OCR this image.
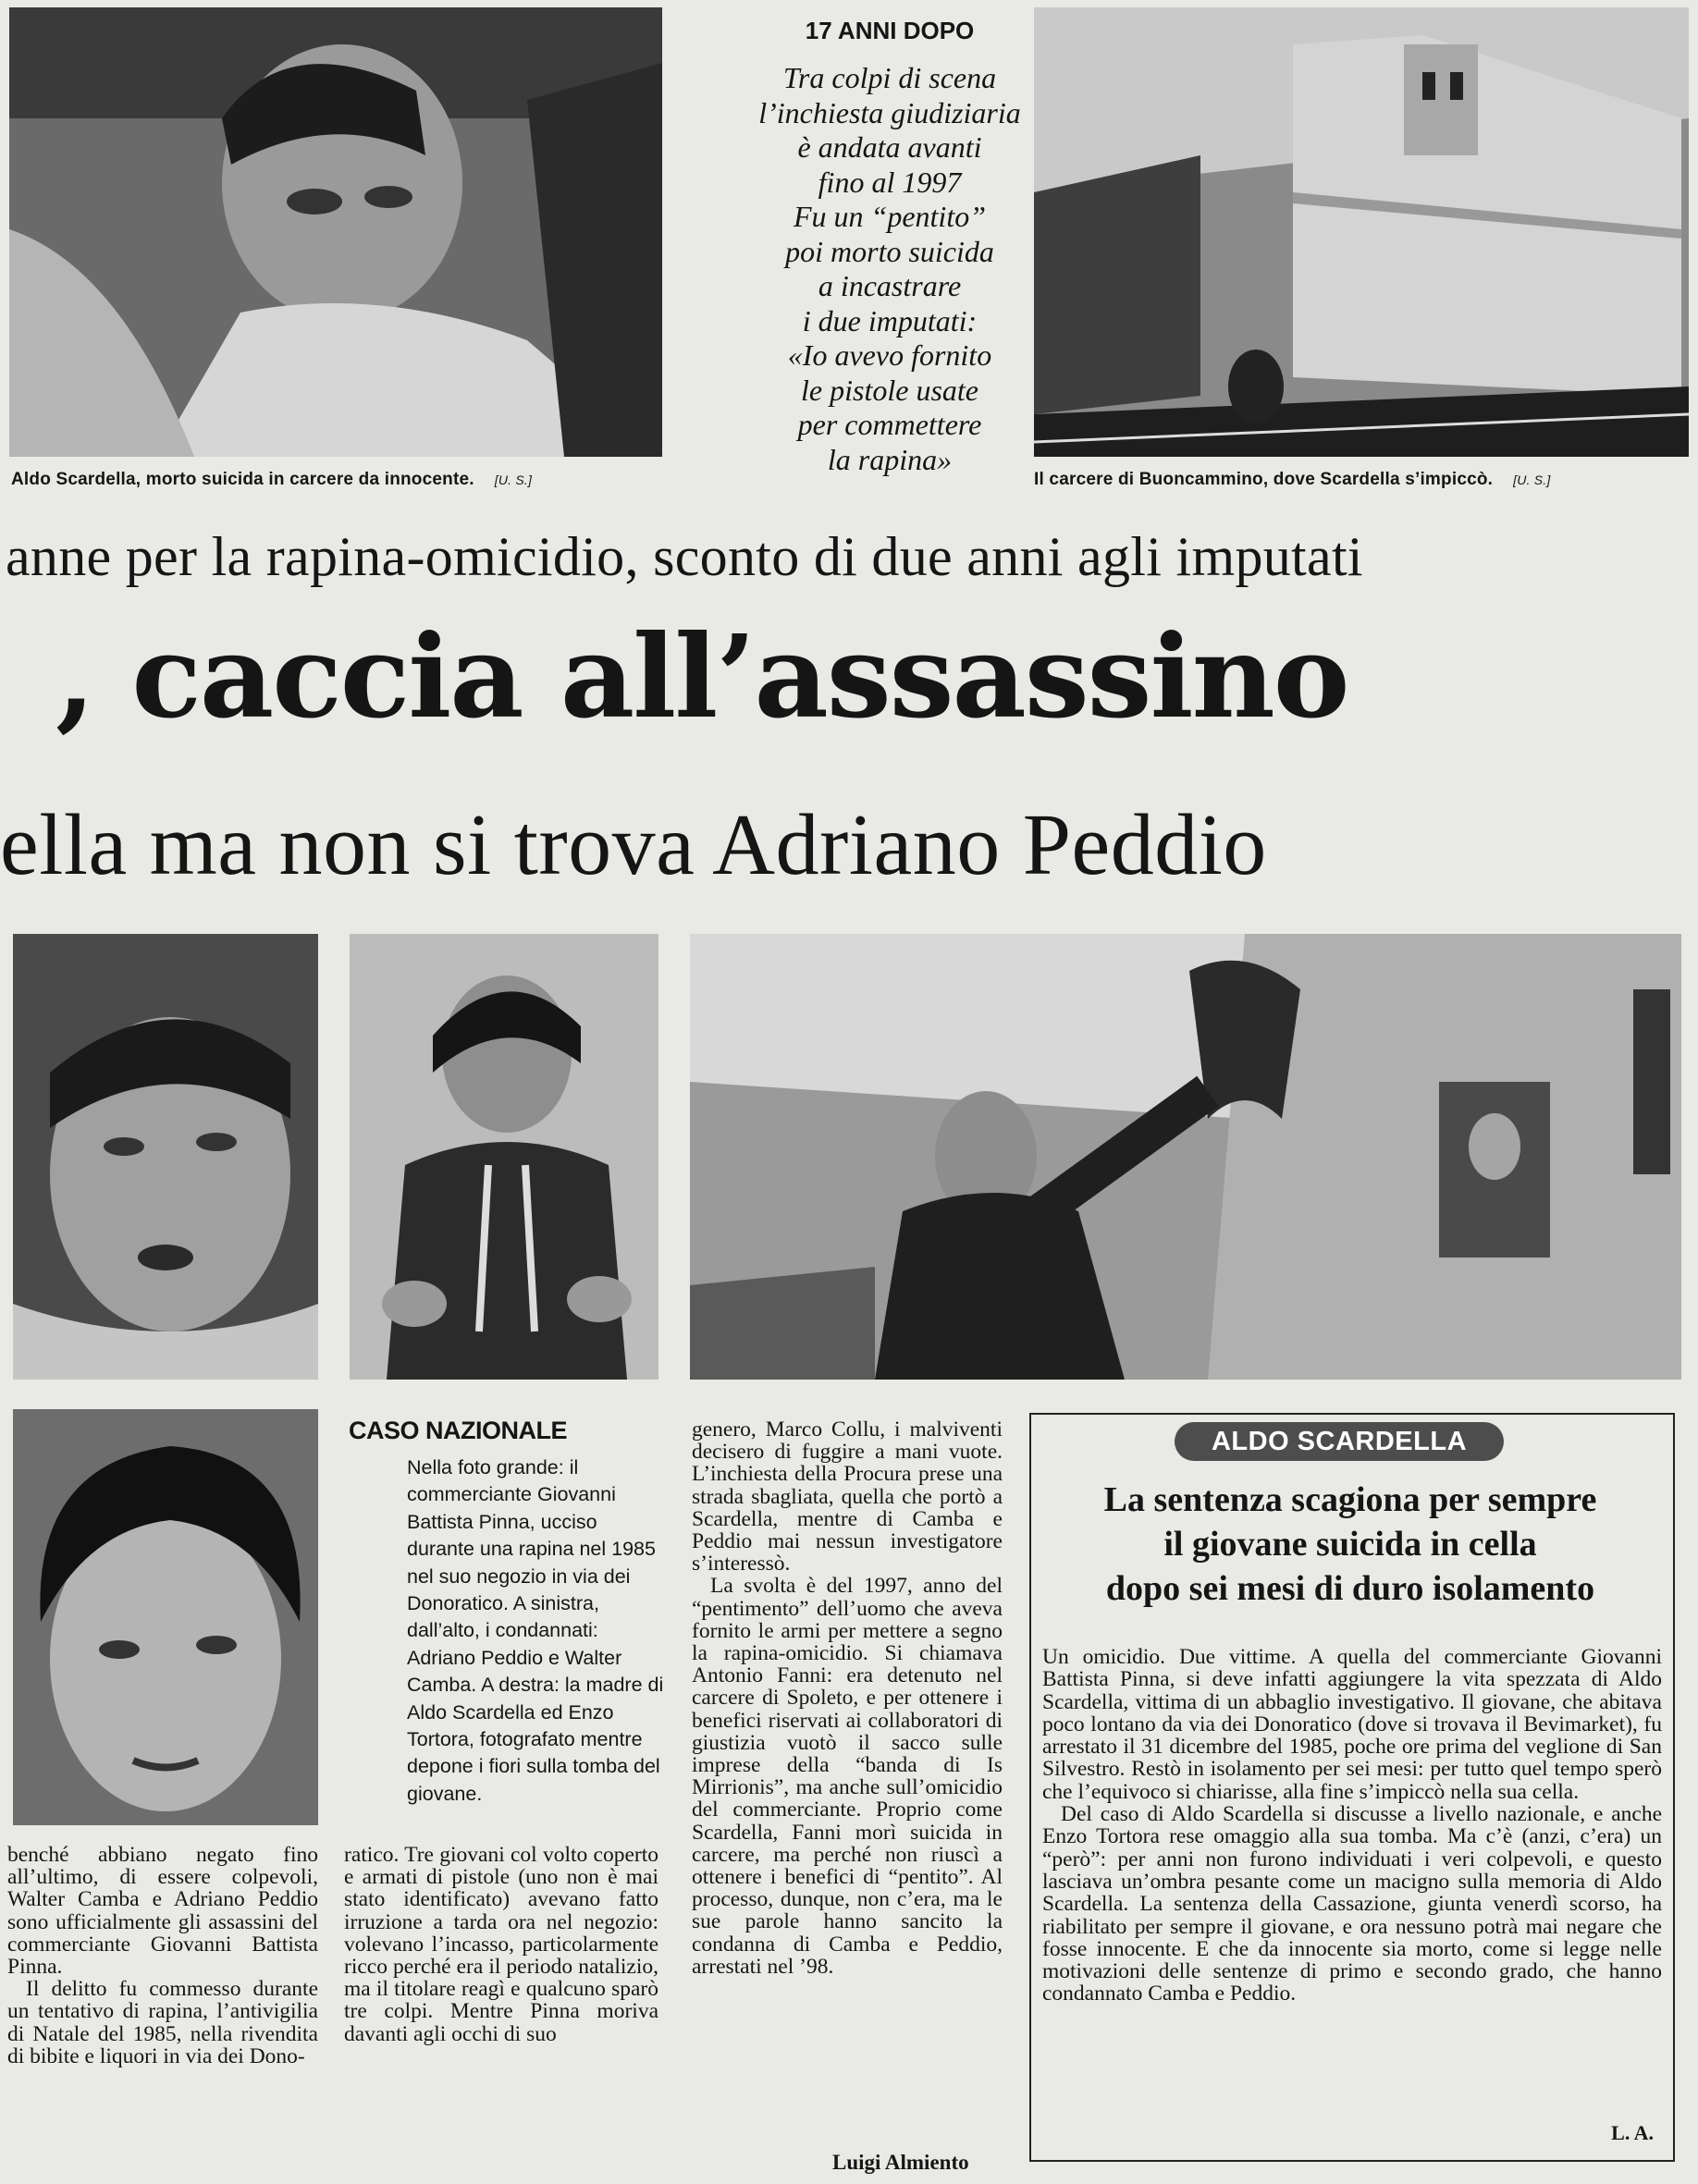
Aldo Scardella, morto suicida in carcere da innocente. [U. S.]
17 ANNI DOPO
Tra colpi di scena
l’inchiesta giudiziaria
è andata avanti
fino al 1997
Fu un “pentito”
poi morto suicida
a incastrare
i due imputati:
«Io avevo fornito
le pistole usate
per commettere
la rapina»
Il carcere di Buoncammino, dove Scardella s’impiccò. [U. S.]
anne per la rapina-omicidio, sconto di due anni agli imputati
, caccia all’assassino
ella ma non si trova Adriano Peddio
CASO NAZIONALE
Nella foto grande: il commerciante Giovanni Battista Pinna, ucciso durante una rapina nel 1985 nel suo negozio in via dei Donoratico. A sinistra, dall’alto, i condannati: Adriano Peddio e Walter Camba. A destra: la madre di Aldo Scardella ed Enzo Tortora, fotografato mentre depone i fiori sulla tomba del giovane.

benché abbiano negato fino all’ultimo, di essere colpevoli, Walter Camba e Adriano Peddio sono ufficialmente gli assassini del commerciante Giovanni Battista Pinna.

Il delitto fu commesso durante un tentativo di rapina, l’antivigilia di Natale del 1985, nella rivendita di bibite e liquori in via dei Dono-

ratico. Tre giovani col volto coperto e armati di pistole (uno non è mai stato identificato) avevano fatto irruzione a tarda ora nel negozio: volevano l’incasso, particolarmente ricco perché era il periodo natalizio, ma il titolare reagì e qualcuno sparò tre colpi. Mentre Pinna moriva davanti agli occhi di suo

genero, Marco Collu, i malviventi decisero di fuggire a mani vuote. L’inchiesta della Procura prese una strada sbagliata, quella che portò a Scardella, mentre di Camba e Peddio mai nessun investigatore s’interessò.

La svolta è del 1997, anno del “pentimento” dell’uomo che aveva fornito le armi per mettere a segno la rapina-omicidio. Si chiamava Antonio Fanni: era detenuto nel carcere di Spoleto, e per ottenere i benefici riservati ai collaboratori di giustizia vuotò il sacco sulle imprese della “banda di Is Mirrionis”, ma anche sull’omicidio del commerciante. Proprio come Scardella, Fanni morì suicida in carcere, ma perché non riuscì a ottenere i benefici di “pentito”. Al processo, dunque, non c’era, ma le sue parole hanno sancito la condanna di Camba e Peddio, arrestati nel ’98.

Luigi Almiento
ALDO SCARDELLA
La sentenza scagiona per sempre
il giovane suicida in cella
dopo sei mesi di duro isolamento

Un omicidio. Due vittime. A quella del commerciante Giovanni Battista Pinna, si deve infatti aggiungere la vita spezzata di Aldo Scardella, vittima di un abbaglio investigativo. Il giovane, che abitava poco lontano da via dei Donoratico (dove si trovava il Bevimarket), fu arrestato il 31 dicembre del 1985, poche ore prima del veglione di San Silvestro. Restò in isolamento per sei mesi: per tutto quel tempo sperò che l’equivoco si chiarisse, alla fine s’impiccò nella sua cella.

Del caso di Aldo Scardella si discusse a livello nazionale, e anche Enzo Tortora rese omaggio alla sua tomba. Ma c’è (anzi, c’era) un “però”: per anni non furono individuati i veri colpevoli, e questo lasciava un’ombra pesante come un macigno sulla memoria di Aldo Scardella. La sentenza della Cassazione, giunta venerdì scorso, ha riabilitato per sempre il giovane, e ora nessuno potrà mai negare che fosse innocente. E che da innocente sia morto, come si legge nelle motivazioni delle sentenze di primo e secondo grado, che hanno condannato Camba e Peddio.

L. A.
